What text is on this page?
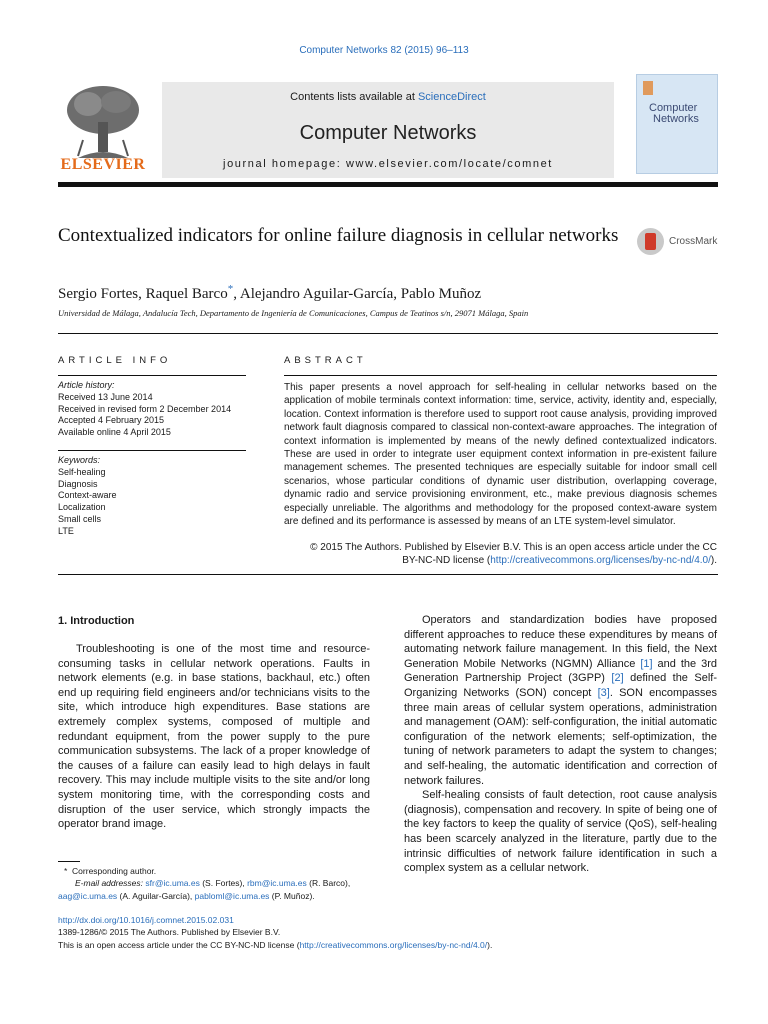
Computer Networks 82 (2015) 96–113
ELSEVIER
Contents lists available at ScienceDirect
Computer Networks
journal homepage: www.elsevier.com/locate/comnet
Computer
Networks
Contextualized indicators for online failure diagnosis in cellular networks	CrossMark
Sergio Fortes, Raquel Barco*, Alejandro Aguilar-García, Pablo Muñoz
Universidad de Málaga, Andalucía Tech, Departamento de Ingeniería de Comunicaciones, Campus de Teatinos s/n, 29071 Málaga, Spain
ARTICLE INFO
Article history:
Received 13 June 2014
Received in revised form 2 December 2014
Accepted 4 February 2015
Available online 4 April 2015
Keywords:
Self-healing
Diagnosis
Context-aware
Localization
Small cells
LTE
ABSTRACT
This paper presents a novel approach for self-healing in cellular networks based on the application of mobile terminals context information: time, service, activity, identity and, especially, location. Context information is therefore used to support root cause analysis, providing improved network fault diagnosis compared to classical non-context-aware approaches. The integration of context information is implemented by means of the newly defined contextualized indicators. These are used in order to integrate user equipment context information in pre-existent failure management schemes. The presented techniques are especially suitable for indoor small cell scenarios, whose particular conditions of dynamic user distribution, overlapping coverage, dynamic radio and service provisioning environment, etc., make previous diagnosis schemes especially unreliable. The algorithms and methodology for the proposed context-aware system are defined and its performance is assessed by means of an LTE system-level simulator.
© 2015 The Authors. Published by Elsevier B.V. This is an open access article under the CC
BY-NC-ND license (http://creativecommons.org/licenses/by-nc-nd/4.0/).
1. Introduction

Troubleshooting is one of the most time and resource-consuming tasks in cellular network operations. Faults in network elements (e.g. in base stations, backhaul, etc.) often end up requiring field engineers and/or technicians visits to the site, which introduce high expenditures. Base stations are extremely complex systems, composed of multiple and redundant equipment, from the power supply to the pure communication subsystems. The lack of a proper knowledge of the causes of a failure can easily lead to high delays in fault recovery. This may include multiple visits to the site and/or long system monitoring time, with the corresponding costs and disruption of the user service, which strongly impacts the operator brand image.

Operators and standardization bodies have proposed different approaches to reduce these expenditures by means of automating network failure management. In this field, the Next Generation Mobile Networks (NGMN) Alliance [1] and the 3rd Generation Partnership Project (3GPP) [2] defined the Self-Organizing Networks (SON) concept [3]. SON encompasses three main areas of cellular system operations, administration and management (OAM): self-configuration, the initial automatic configuration of the network elements; self-optimization, the tuning of network parameters to adapt the system to changes; and self-healing, the automatic identification and correction of network failures.

Self-healing consists of fault detection, root cause analysis (diagnosis), compensation and recovery. In spite of being one of the key factors to keep the quality of service (QoS), self-healing has been scarcely analyzed in the literature, partly due to the intrinsic difficulties of network failure identification in such a complex system as a cellular network.

* Corresponding author.
E-mail addresses: sfr@ic.uma.es (S. Fortes), rbm@ic.uma.es (R. Barco),
aag@ic.uma.es (A. Aguilar-García), pabloml@ic.uma.es (P. Muñoz).
http://dx.doi.org/10.1016/j.comnet.2015.02.031
1389-1286/© 2015 The Authors. Published by Elsevier B.V.
This is an open access article under the CC BY-NC-ND license (http://creativecommons.org/licenses/by-nc-nd/4.0/).
